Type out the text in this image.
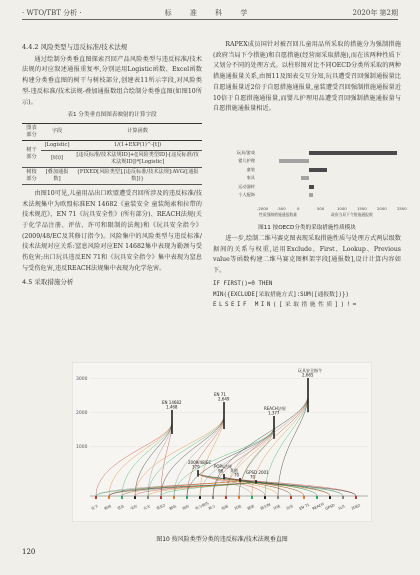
· WTO/TBT 分析 ·	标 准 科 学	2020年 第2期
4.4.2 风险类型与违反标准/技术法规

通过绘制分类垂直图探索召回产品风险类型与违反标准/技术法规的对应叙述通报重复率,分别运用Logistic函数、Excel函数构建分类垂直图的树干与树枝部分,创建表11所示字段,对风险类型-违反标准/技术法规-叠加通报数组合绘制分类垂直图(如图10所示)。

表1 分类垂直图图表映射的计算字段
图表部分	字段	计算函数
树干部分	[Logistic]	1/(1+EXP(1)^-[t])
	[t(i)]	[违反标准/技术法规ID]+([风险类型ID]-[违反标准/技术法规ID])*[Logistic]
树枝部分	[叠加通报数]	{FIXED[风险类型],[违反标准/技术法规]:AVG([通报数])}

由图10可见,儿童用品出口欧盟遭受召回所涉及的违反标准/技术法规集中为欧盟标准EN 14682《童装安全 童装绳索和拉带的技术规范》、EN 71《玩具安全性》(所有部分)、REACH法规(关于化学品注册、评估、许可和限制的法规)和《玩具安全指令》(2009/48/EC及其修订指令)。风险集中的风险类型与违反标准/技术法规对应关系:窒息风险对应EN 14682集中表现为勒颈与受伤危害;出口玩具违反EN 71和《玩具安全指令》集中表现为窒息与受伤危害,违反REACH法规集中表现为化学危害。

4.5 采取措施分析

RAPEX成员国针对被召回儿童用品所采取的措施分为强制措施(政府当局下令措施)和自愿措施(经营商采取措施),而在该两种性质下又划分不同的处理方式。以柱形图对比不同OECD分类所采取的两种措施通报量关系,由图11及图表交互分知,玩具遭受召回强制通报量比自愿通报量近2倍于自愿措施通报量,童装遭受召回强制措施通报量近10倍于自愿措施通报量,而婴儿护理用品遭受召回强制措施通报量与自愿措施通报量相近。

玩具/游戏
婴儿护理
童装
家具
运动器材
个人配饰
-2000 -500	0	500	1000	1500	2000	2500
性质强制措施通报数量	政府当局下令措施通报数
图11 按OECD分类的采取措施性质模块

进一步,绘制二维马赛克图表现采取措施性质与处理方式两层级数据间的关系与权重,运用Exclude、First、Lookup、Previous value等函数构建二维马赛克图框架字段[通报数],设计计算内容如下。

IF FIRST()=0 THEN
MIN({EXCLUDE[采取措施方式]:SUM([通报数])})
ELSEIF MIN([采取措施性质])!=
3000
2000
1000
EN 14682
1,468
EN 71
2,649
REACH法规
1,377
玩具安全指令
2,665
2009/48/EC
379	POPs法规
96 其他
70 GPSD 2001
70
化学 勒颈 窒息 受伤 火灾 窒息2 触电 烧伤 听力损伤
视力 电磁 其他 健康 微生物 环境 伤害 EN 71 REACH GPSD 玩具 其他2
图10 按风险类型分类的违反标准/技术法规垂直图
120
